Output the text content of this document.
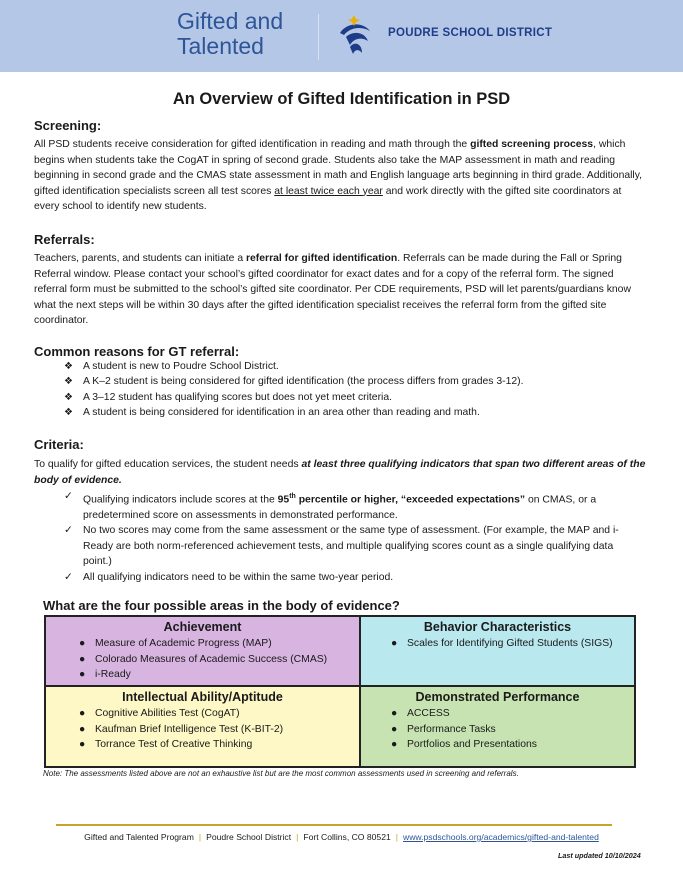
Gifted and
Talented	POUDRE SCHOOL DISTRICT
An Overview of Gifted Identification in PSD
Screening:
All PSD students receive consideration for gifted identification in reading and math through the gifted screening process, which begins when students take the CogAT in spring of second grade. Students also take the MAP assessment in math and reading beginning in second grade and the CMAS state assessment in math and English language arts beginning in third grade. Additionally, gifted identification specialists screen all test scores at least twice each year and work directly with the gifted site coordinators at every school to identify new students.
Referrals:
Teachers, parents, and students can initiate a referral for gifted identification. Referrals can be made during the Fall or Spring Referral window. Please contact your school’s gifted coordinator for exact dates and for a copy of the referral form. The signed referral form must be submitted to the school’s gifted site coordinator. Per CDE requirements, PSD will let parents/guardians know what the next steps will be within 30 days after the gifted identification specialist receives the referral form from the gifted site coordinator.
Common reasons for GT referral:
❖ A student is new to Poudre School District.
❖ A K–2 student is being considered for gifted identification (the process differs from grades 3-12).
❖ A 3–12 student has qualifying scores but does not yet meet criteria.
❖ A student is being considered for identification in an area other than reading and math.
Criteria:
To qualify for gifted education services, the student needs at least three qualifying indicators that span two different areas of the body of evidence.
✓ Qualifying indicators include scores at the 95th percentile or higher, “exceeded expectations” on CMAS, or a predetermined score on assessments in demonstrated performance.
✓ No two scores may come from the same assessment or the same type of assessment. (For example, the MAP and i-Ready are both norm-referenced achievement tests, and multiple qualifying scores count as a single qualifying data point.)
✓ All qualifying indicators need to be within the same two-year period.
What are the four possible areas in the body of evidence?
Achievement
● Measure of Academic Progress (MAP)
● Colorado Measures of Academic Success (CMAS)
● i-Ready
Behavior Characteristics
● Scales for Identifying Gifted Students (SIGS)
Intellectual Ability/Aptitude
● Cognitive Abilities Test (CogAT)
● Kaufman Brief Intelligence Test (K-BIT-2)
● Torrance Test of Creative Thinking
Demonstrated Performance
● ACCESS
● Performance Tasks
● Portfolios and Presentations
Note: The assessments listed above are not an exhaustive list but are the most common assessments used in screening and referrals.
Gifted and Talented Program | Poudre School District | Fort Collins, CO 80521 | www.psdschools.org/academics/gifted-and-talented
Last updated 10/10/2024
